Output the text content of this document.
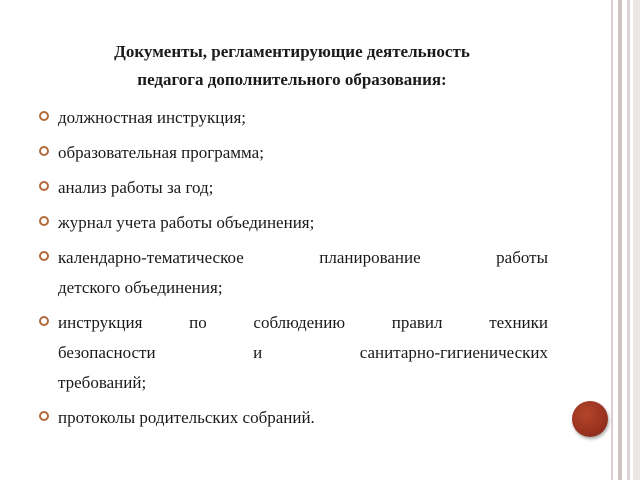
Документы, регламентирующие деятельность
педагога дополнительного образования:
должностная инструкция;
образовательная программа;
анализ работы за год;
журнал учета работы объединения;
календарно-тематическое планирование работы
детского объединения;
инструкция по соблюдению правил техники
безопасности и санитарно-гигиенических
требований;
протоколы родительских собраний.
